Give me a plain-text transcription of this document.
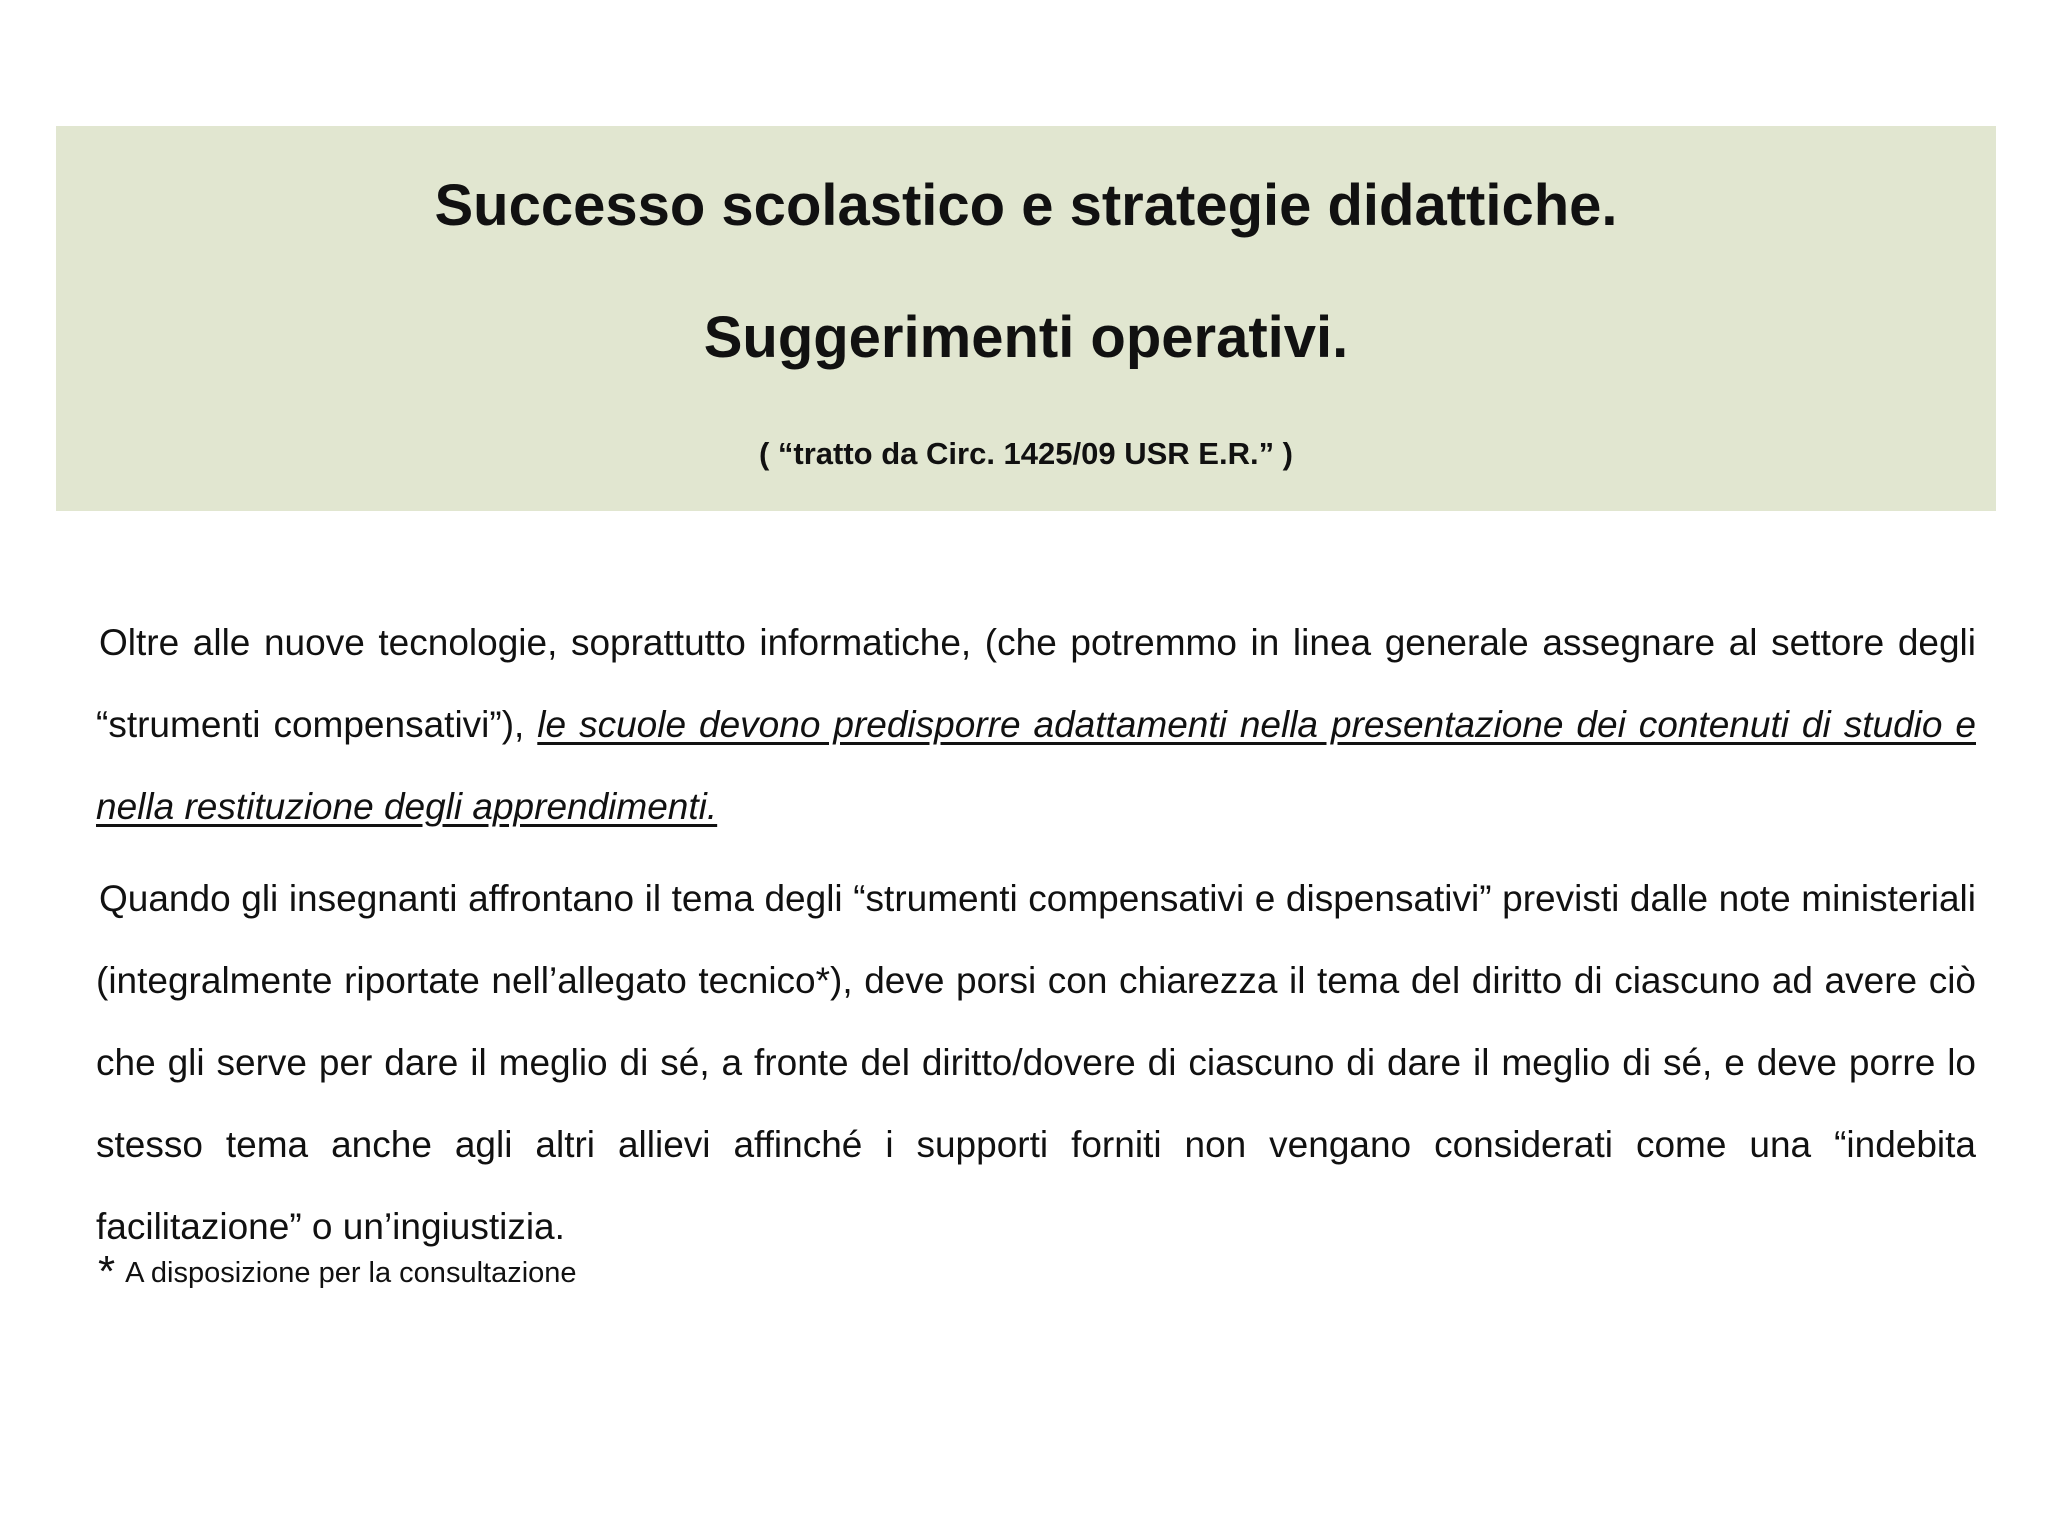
Successo scolastico e strategie didattiche.
Suggerimenti operativi.
( “tratto da Circ. 1425/09 USR E.R.” )
Oltre alle nuove tecnologie, soprattutto informatiche, (che potremmo in linea generale assegnare al settore degli “strumenti compensativi”), le scuole devono predisporre adattamenti nella presentazione dei contenuti di studio e nella restituzione degli apprendimenti.
Quando gli insegnanti affrontano il tema degli “strumenti compensativi e dispensativi” previsti dalle note ministeriali (integralmente riportate nell’allegato tecnico*), deve porsi con chiarezza il tema del diritto di ciascuno ad avere ciò che gli serve per dare il meglio di sé, a fronte del diritto/dovere di ciascuno di dare il meglio di sé, e deve porre lo stesso tema anche agli altri allievi affinché i supporti forniti non vengano considerati come una “indebita facilitazione” o un’ingiustizia.
* A disposizione per la consultazione
